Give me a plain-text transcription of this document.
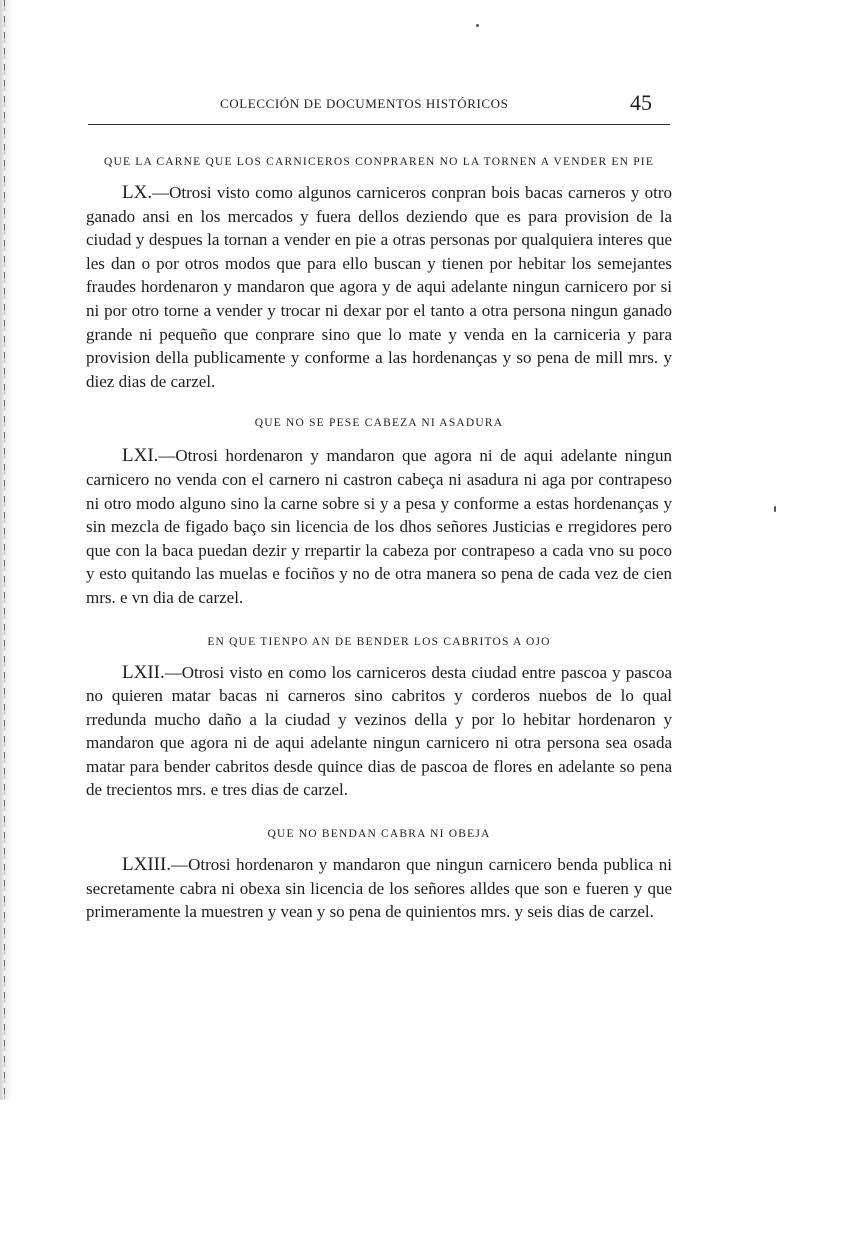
COLECCIÓN DE DOCUMENTOS HISTÓRICOS	45
QUE LA CARNE QUE LOS CARNICEROS CONPRAREN NO LA TORNEN A VENDER EN PIE

LX.—Otrosi visto como algunos carniceros conpran bois bacas carneros y otro ganado ansi en los mercados y fuera dellos deziendo que es para provision de la ciudad y despues la tornan a vender en pie a otras personas por qualquiera interes que les dan o por otros modos que para ello buscan y tienen por hebitar los semejantes fraudes hordenaron y mandaron que agora y de aqui adelante ningun carnicero por si ni por otro torne a vender y trocar ni dexar por el tanto a otra persona ningun ganado grande ni pequeño que conprare sino que lo mate y venda en la carniceria y para provision della publicamente y conforme a las hordenanças y so pena de mill mrs. y diez dias de carzel.

QUE NO SE PESE CABEZA NI ASADURA

LXI.—Otrosi hordenaron y mandaron que agora ni de aqui adelante ningun carnicero no venda con el carnero ni castron cabeça ni asadura ni aga por contrapeso ni otro modo alguno sino la carne sobre si y a pesa y conforme a estas hordenanças y sin mezcla de figado baço sin licencia de los dhos señores Justicias e rregidores pero que con la baca puedan dezir y rrepartir la cabeza por contrapeso a cada vno su poco y esto quitando las muelas e fociños y no de otra manera so pena de cada vez de cien mrs. e vn dia de carzel.

EN QUE TIENPO AN DE BENDER LOS CABRITOS A OJO

LXII.—Otrosi visto en como los carniceros desta ciudad entre pascoa y pascoa no quieren matar bacas ni carneros sino cabritos y corderos nuebos de lo qual rredunda mucho daño a la ciudad y vezinos della y por lo hebitar hordenaron y mandaron que agora ni de aqui adelante ningun carnicero ni otra persona sea osada matar para bender cabritos desde quince dias de pascoa de flores en adelante so pena de trecientos mrs. e tres dias de carzel.

QUE NO BENDAN CABRA NI OBEJA

LXIII.—Otrosi hordenaron y mandaron que ningun carnicero benda publica ni secretamente cabra ni obexa sin licencia de los señores alldes que son e fueren y que primeramente la muestren y vean y so pena de quinientos mrs. y seis dias de carzel.
